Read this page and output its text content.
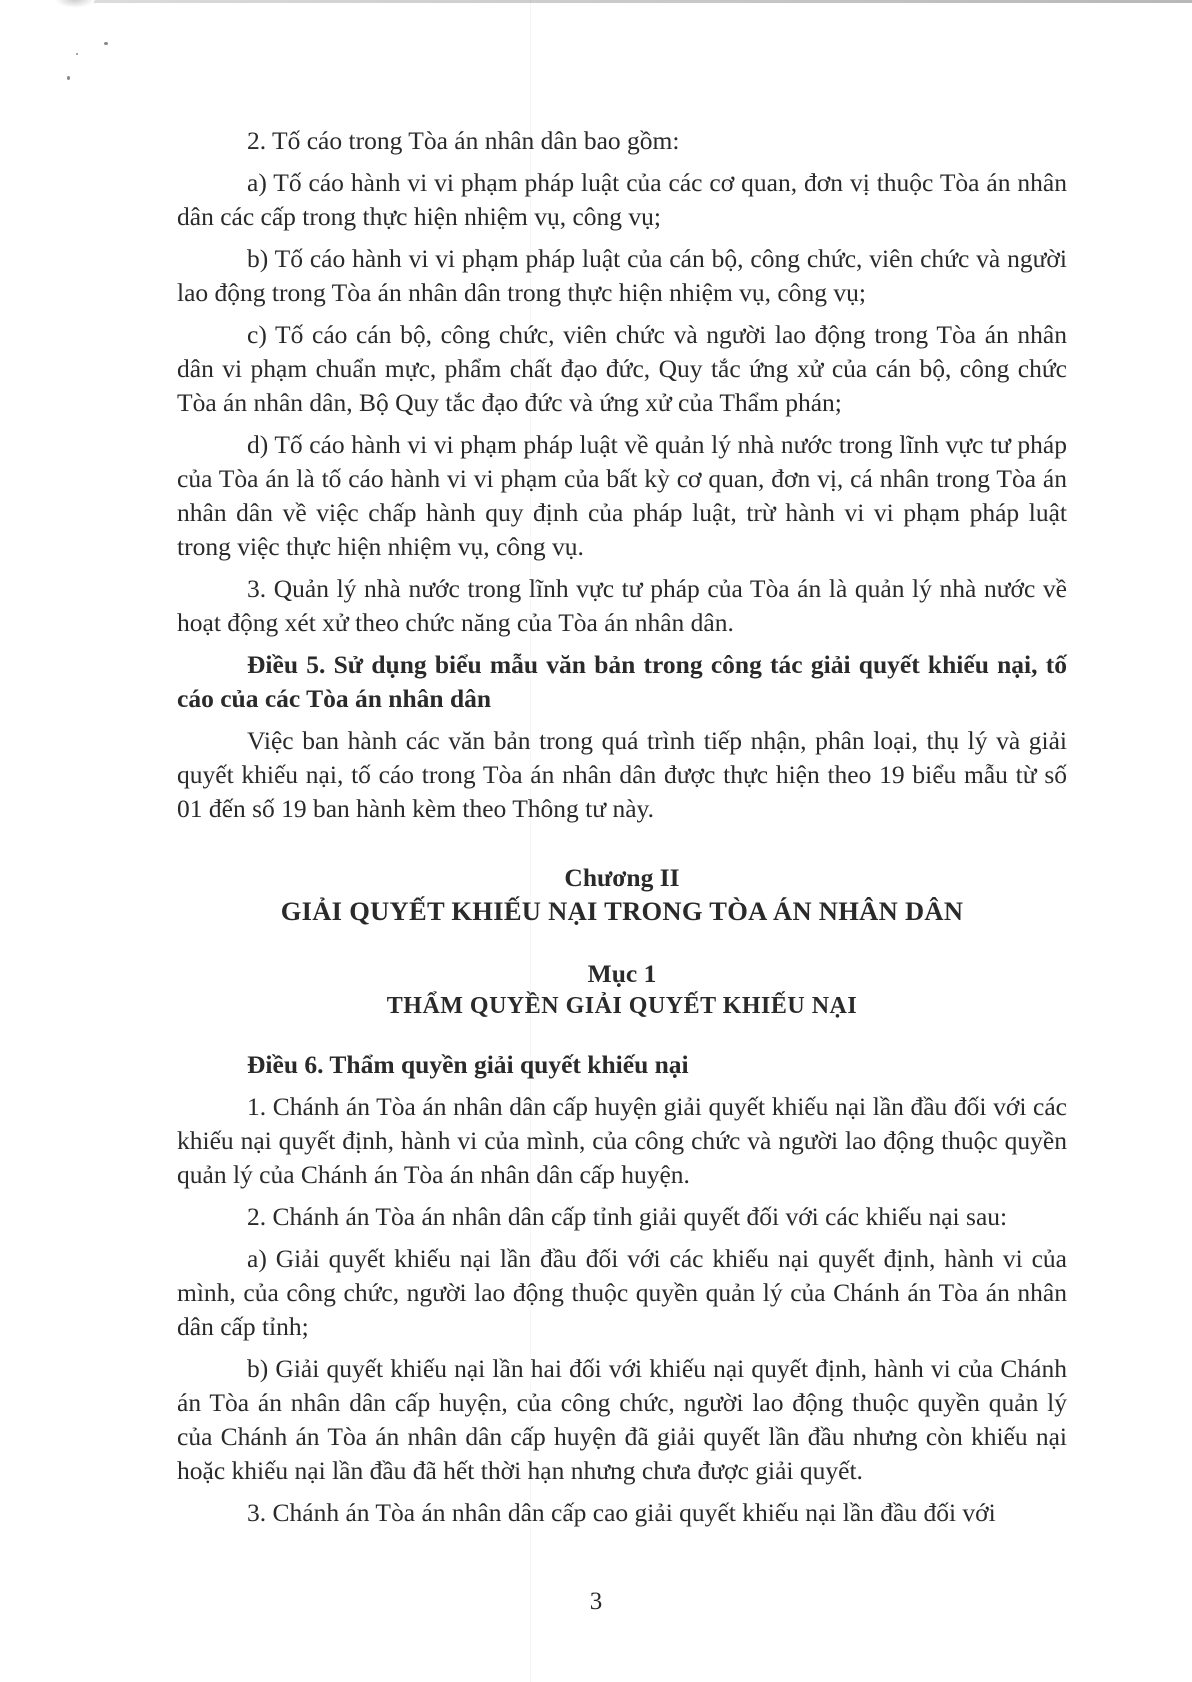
2. Tố cáo trong Tòa án nhân dân bao gồm:

a) Tố cáo hành vi vi phạm pháp luật của các cơ quan, đơn vị thuộc Tòa án nhân dân các cấp trong thực hiện nhiệm vụ, công vụ;

b) Tố cáo hành vi vi phạm pháp luật của cán bộ, công chức, viên chức và người lao động trong Tòa án nhân dân trong thực hiện nhiệm vụ, công vụ;

c) Tố cáo cán bộ, công chức, viên chức và người lao động trong Tòa án nhân dân vi phạm chuẩn mực, phẩm chất đạo đức, Quy tắc ứng xử của cán bộ, công chức Tòa án nhân dân, Bộ Quy tắc đạo đức và ứng xử của Thẩm phán;

d) Tố cáo hành vi vi phạm pháp luật về quản lý nhà nước trong lĩnh vực tư pháp của Tòa án là tố cáo hành vi vi phạm của bất kỳ cơ quan, đơn vị, cá nhân trong Tòa án nhân dân về việc chấp hành quy định của pháp luật, trừ hành vi vi phạm pháp luật trong việc thực hiện nhiệm vụ, công vụ.

3. Quản lý nhà nước trong lĩnh vực tư pháp của Tòa án là quản lý nhà nước về hoạt động xét xử theo chức năng của Tòa án nhân dân.

Điều 5. Sử dụng biểu mẫu văn bản trong công tác giải quyết khiếu nại, tố cáo của các Tòa án nhân dân

Việc ban hành các văn bản trong quá trình tiếp nhận, phân loại, thụ lý và giải quyết khiếu nại, tố cáo trong Tòa án nhân dân được thực hiện theo 19 biểu mẫu từ số 01 đến số 19 ban hành kèm theo Thông tư này.

Chương II
GIẢI QUYẾT KHIẾU NẠI TRONG TÒA ÁN NHÂN DÂN
Mục 1
THẨM QUYỀN GIẢI QUYẾT KHIẾU NẠI

Điều 6. Thẩm quyền giải quyết khiếu nại

1. Chánh án Tòa án nhân dân cấp huyện giải quyết khiếu nại lần đầu đối với các khiếu nại quyết định, hành vi của mình, của công chức và người lao động thuộc quyền quản lý của Chánh án Tòa án nhân dân cấp huyện.

2. Chánh án Tòa án nhân dân cấp tỉnh giải quyết đối với các khiếu nại sau:

a) Giải quyết khiếu nại lần đầu đối với các khiếu nại quyết định, hành vi của mình, của công chức, người lao động thuộc quyền quản lý của Chánh án Tòa án nhân dân cấp tỉnh;

b) Giải quyết khiếu nại lần hai đối với khiếu nại quyết định, hành vi của Chánh án Tòa án nhân dân cấp huyện, của công chức, người lao động thuộc quyền quản lý của Chánh án Tòa án nhân dân cấp huyện đã giải quyết lần đầu nhưng còn khiếu nại hoặc khiếu nại lần đầu đã hết thời hạn nhưng chưa được giải quyết.

3. Chánh án Tòa án nhân dân cấp cao giải quyết khiếu nại lần đầu đối với

3
